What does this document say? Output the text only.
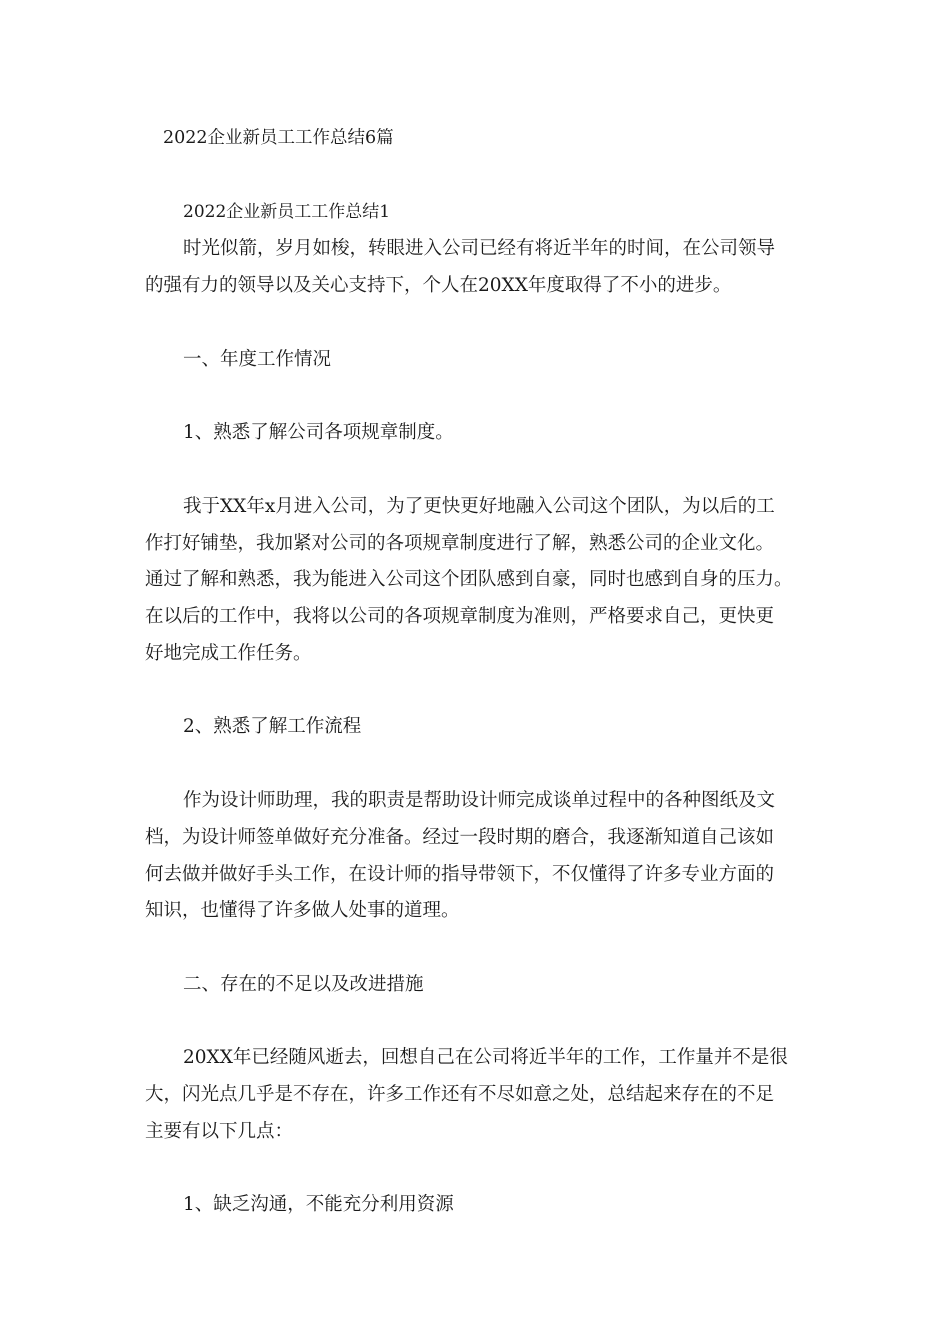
2022企业新员工工作总结6篇
2022企业新员工工作总结1
时光似箭，岁月如梭，转眼进入公司已经有将近半年的时间，在公司领导
的强有力的领导以及关心支持下，个人在20XX年度取得了不小的进步。
一、年度工作情况
1、熟悉了解公司各项规章制度。
我于XX年x月进入公司，为了更快更好地融入公司这个团队，为以后的工
作打好铺垫，我加紧对公司的各项规章制度进行了解，熟悉公司的企业文化。
通过了解和熟悉，我为能进入公司这个团队感到自豪，同时也感到自身的压力。
在以后的工作中，我将以公司的各项规章制度为准则，严格要求自己，更快更
好地完成工作任务。
2、熟悉了解工作流程
作为设计师助理，我的职责是帮助设计师完成谈单过程中的各种图纸及文
档，为设计师签单做好充分准备。经过一段时期的磨合，我逐渐知道自己该如
何去做并做好手头工作，在设计师的指导带领下，不仅懂得了许多专业方面的
知识，也懂得了许多做人处事的道理。
二、存在的不足以及改进措施
20XX年已经随风逝去，回想自己在公司将近半年的工作，工作量并不是很
大，闪光点几乎是不存在，许多工作还有不尽如意之处，总结起来存在的不足
主要有以下几点：
1、缺乏沟通，不能充分利用资源
